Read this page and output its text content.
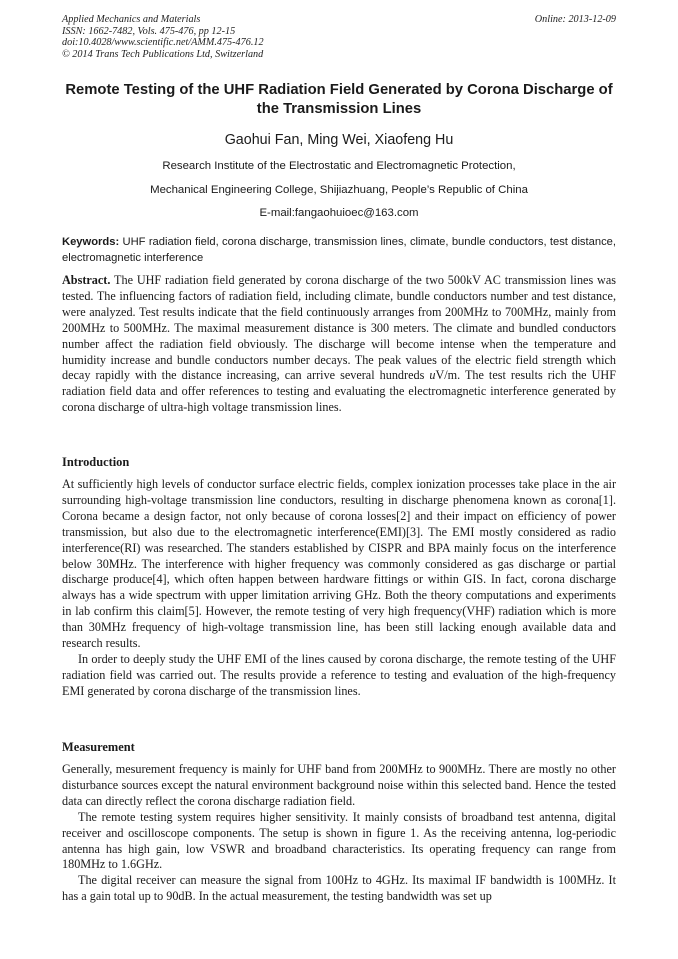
Applied Mechanics and Materials
ISSN: 1662-7482, Vols. 475-476, pp 12-15
doi:10.4028/www.scientific.net/AMM.475-476.12
© 2014 Trans Tech Publications Ltd, Switzerland
Online: 2013-12-09
Remote Testing of the UHF Radiation Field Generated by Corona Discharge of the Transmission Lines
Gaohui Fan, Ming Wei, Xiaofeng Hu
Research Institute of the Electrostatic and Electromagnetic Protection,
Mechanical Engineering College, Shijiazhuang, People’s Republic of China
E-mail:fangaohuioec@163.com
Keywords: UHF radiation field, corona discharge, transmission lines, climate, bundle conductors, test distance, electromagnetic interference
Abstract. The UHF radiation field generated by corona discharge of the two 500kV AC transmission lines was tested. The influencing factors of radiation field, including climate, bundle conductors number and test distance, were analyzed. Test results indicate that the field continuously arranges from 200MHz to 700MHz, mainly from 200MHz to 500MHz. The maximal measurement distance is 300 meters. The climate and bundled conductors number affect the radiation field obviously. The discharge will become intense when the temperature and humidity increase and bundle conductors number decays. The peak values of the electric field strength which decay rapidly with the distance increasing, can arrive several hundreds uV/m. The test results rich the UHF radiation field data and offer references to testing and evaluating the electromagnetic interference generated by corona discharge of ultra-high voltage transmission lines.
Introduction

At sufficiently high levels of conductor surface electric fields, complex ionization processes take place in the air surrounding high-voltage transmission line conductors, resulting in discharge phenomena known as corona[1]. Corona became a design factor, not only because of corona losses[2] and their impact on efficiency of power transmission, but also due to the electromagnetic interference(EMI)[3]. The EMI mostly considered as radio interference(RI) was researched. The standers established by CISPR and BPA mainly focus on the interference below 30MHz. The interference with higher frequency was commonly considered as gas discharge or partial discharge produce[4], which often happen between hardware fittings or within GIS. In fact, corona discharge always has a wide spectrum with upper limitation arriving GHz. Both the theory computations and experiments in lab confirm this claim[5]. However, the remote testing of very high frequency(VHF) radiation which is more than 30MHz frequency of high-voltage transmission line, has been still lacking enough available data and research results.

In order to deeply study the UHF EMI of the lines caused by corona discharge, the remote testing of the UHF radiation field was carried out. The results provide a reference to testing and evaluation of the high-frequency EMI generated by corona discharge of the transmission lines.

Measurement

Generally, mesurement frequency is mainly for UHF band from 200MHz to 900MHz. There are mostly no other disturbance sources except the natural environment background noise within this selected band. Hence the tested data can directly reflect the corona discharge radiation field.

The remote testing system requires higher sensitivity. It mainly consists of broadband test antenna, digital receiver and oscilloscope components. The setup is shown in figure 1. As the receiving antenna, log-periodic antenna has high gain, low VSWR and broadband characteristics. Its operating frequency can range from 180MHz to 1.6GHz.

The digital receiver can measure the signal from 100Hz to 4GHz. Its maximal IF bandwidth is 100MHz. It has a gain total up to 90dB. In the actual measurement, the testing bandwidth was set up
